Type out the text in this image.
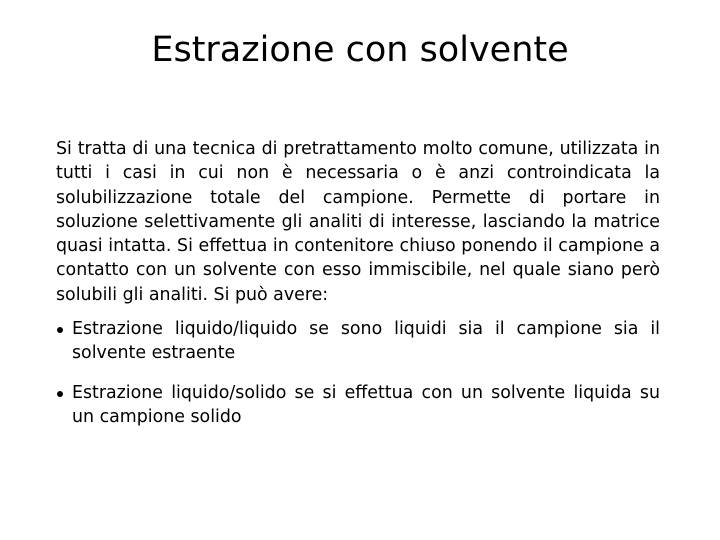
Estrazione con solvente

Si tratta di una tecnica di pretrattamento molto comune, utilizzata in tutti i casi in cui non è necessaria o è anzi controindicata la solubilizzazione totale del campione. Permette di portare in soluzione selettivamente gli analiti di interesse, lasciando la matrice quasi intatta. Si effettua in contenitore chiuso ponendo il campione a contatto con un solvente con esso immiscibile, nel quale siano però solubili gli analiti. Si può avere:

Estrazione liquido/liquido se sono liquidi sia il campione sia il solvente estraente
Estrazione liquido/solido se si effettua con un solvente liquida su un campione solido
